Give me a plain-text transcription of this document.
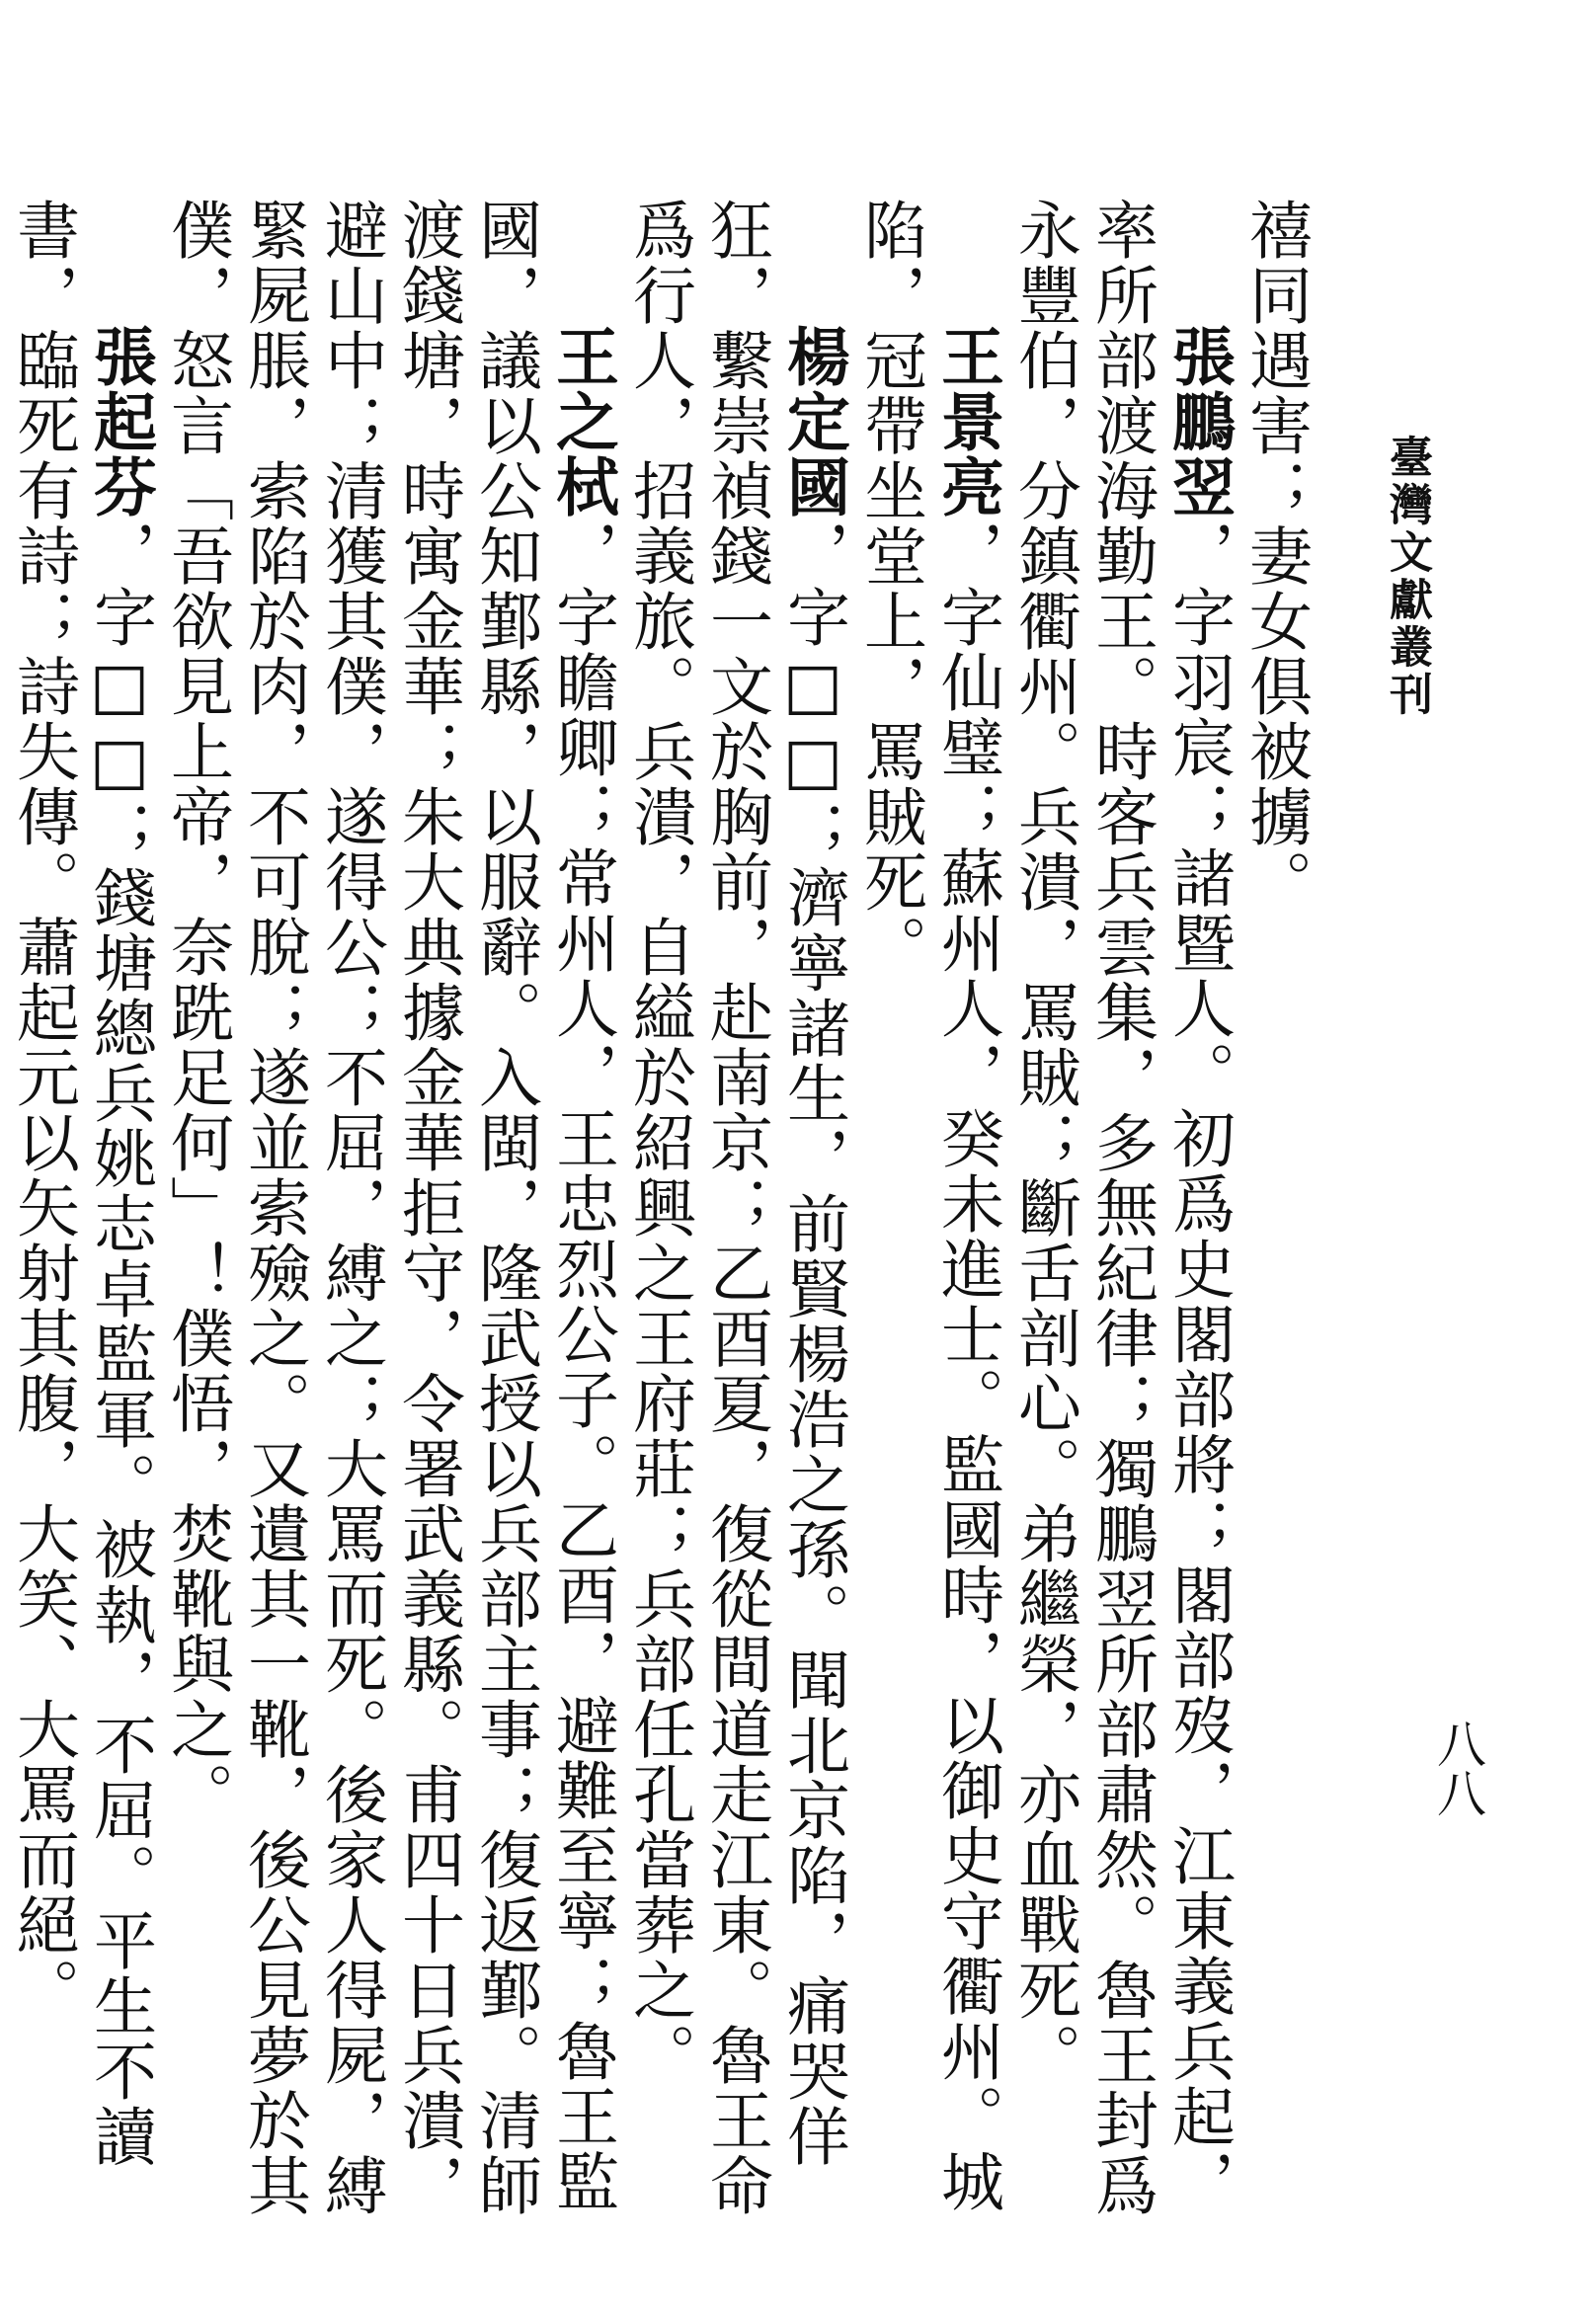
臺灣文獻叢刊
八八

禧同遇害；妻女俱被擄。

張鵬翌，字羽宸；諸暨人。初爲史閣部將；閣部歿，江東義兵起，率所部渡海勤王。時客兵雲集，多無紀律；獨鵬翌所部肅然。魯王封爲永豐伯，分鎮衢州。兵潰，罵賊；斷舌剖心。弟繼榮，亦血戰死。

王景亮，字仙璧；蘇州人，癸未進士。監國時，以御史守衢州。城陷，冠帶坐堂上，罵賊死。

楊定國，字□□；濟寧諸生，前賢楊浩之孫。聞北京陷，痛哭佯狂，繫崇禎錢一文於胸前，赴南京；乙酉夏，復從間道走江東。魯王命爲行人，招義旅。兵潰，自縊於紹興之王府莊；兵部任孔當葬之。

王之栻，字瞻卿；常州人，王忠烈公子。乙酉，避難至寧；魯王監國，議以公知鄞縣，以服辭。入閩，隆武授以兵部主事；復返鄞。清師渡錢塘，時寓金華；朱大典據金華拒守，令署武義縣。甫四十日兵潰，避山中；清獲其僕，遂得公；不屈，縛之；大罵而死。後家人得屍，縛緊屍脹，索陷於肉，不可脫；遂並索殮之。又遺其一靴，後公見夢於其僕，怒言「吾欲見上帝，奈跣足何」！僕悟，焚靴與之。

張起芬，字□□；錢塘總兵姚志卓監軍。被執，不屈。平生不讀書，臨死有詩；詩失傳。蕭起元以矢射其腹，大笑、大罵而絕。
